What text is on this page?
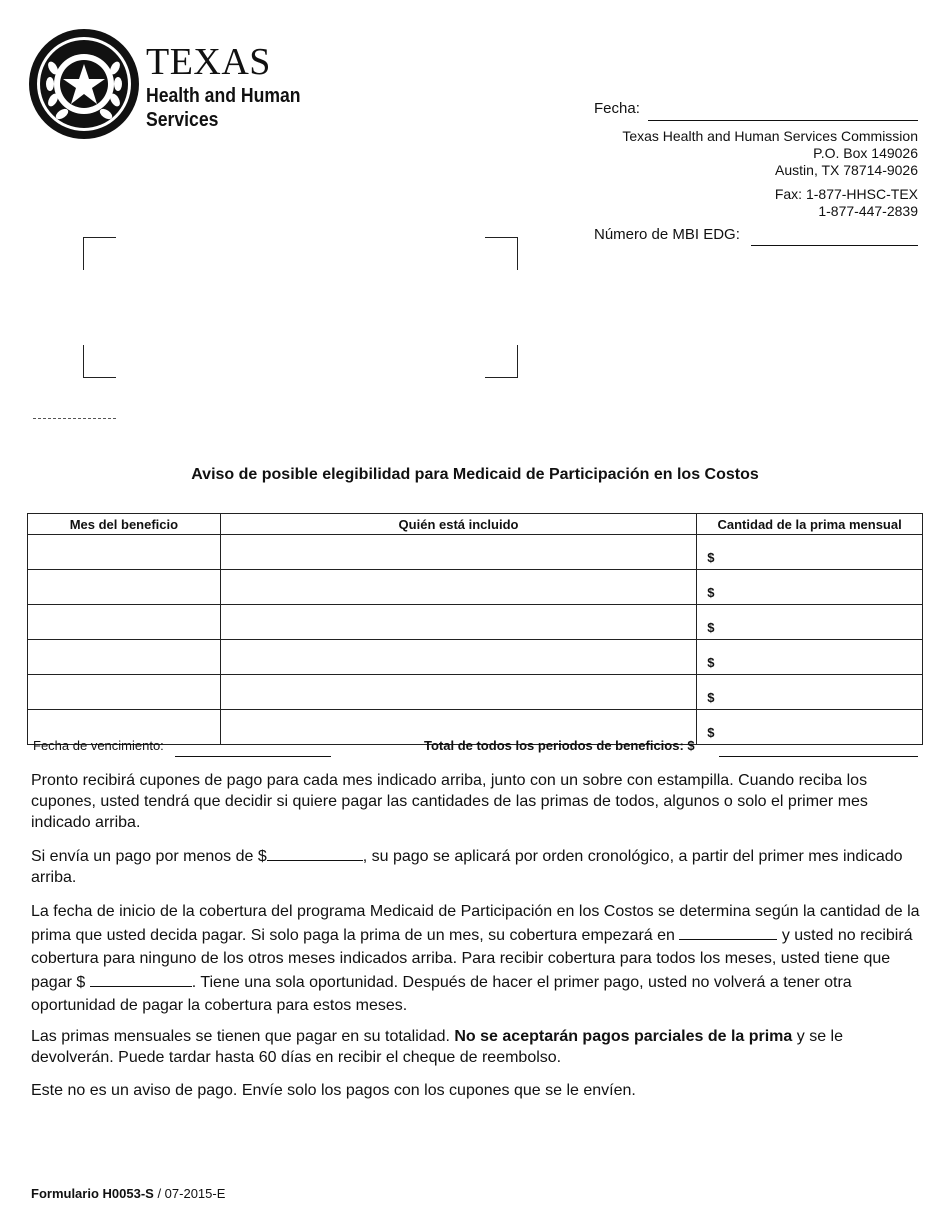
TEXAS
Health and Human
Services
Fecha:
Texas Health and Human Services Commission
P.O. Box 149026
Austin, TX 78714-9026
Fax: 1-877-HHSC-TEX
1-877-447-2839
Número de MBI EDG:
Aviso de posible elegibilidad para Medicaid de Participación en los Costos
Mes del beneficio	Quién está incluido	Cantidad de la prima mensual
		$
		$
		$
		$
		$
		$
Fecha de vencimiento:	Total de todos los periodos de beneficios: $
Pronto recibirá cupones de pago para cada mes indicado arriba, junto con un sobre con estampilla. Cuando reciba los cupones, usted tendrá que decidir si quiere pagar las cantidades de las primas de todos, algunos o solo el primer mes indicado arriba.
Si envía un pago por menos de $	, su pago se aplicará por orden cronológico, a partir del primer mes indicado arriba.
La fecha de inicio de la cobertura del programa Medicaid de Participación en los Costos se determina según la cantidad de la prima que usted decida pagar. Si solo paga la prima de un mes, su cobertura empezará en	y usted no recibirá cobertura para ninguno de los otros meses indicados arriba. Para recibir cobertura para todos los meses, usted tiene que pagar $	. Tiene una sola oportunidad. Después de hacer el primer pago, usted no volverá a tener otra oportunidad de pagar la cobertura para estos meses.
Las primas mensuales se tienen que pagar en su totalidad. No se aceptarán pagos parciales de la prima y se le devolverán. Puede tardar hasta 60 días en recibir el cheque de reembolso.
Este no es un aviso de pago. Envíe solo los pagos con los cupones que se le envíen.
Formulario H0053-S / 07-2015-E
